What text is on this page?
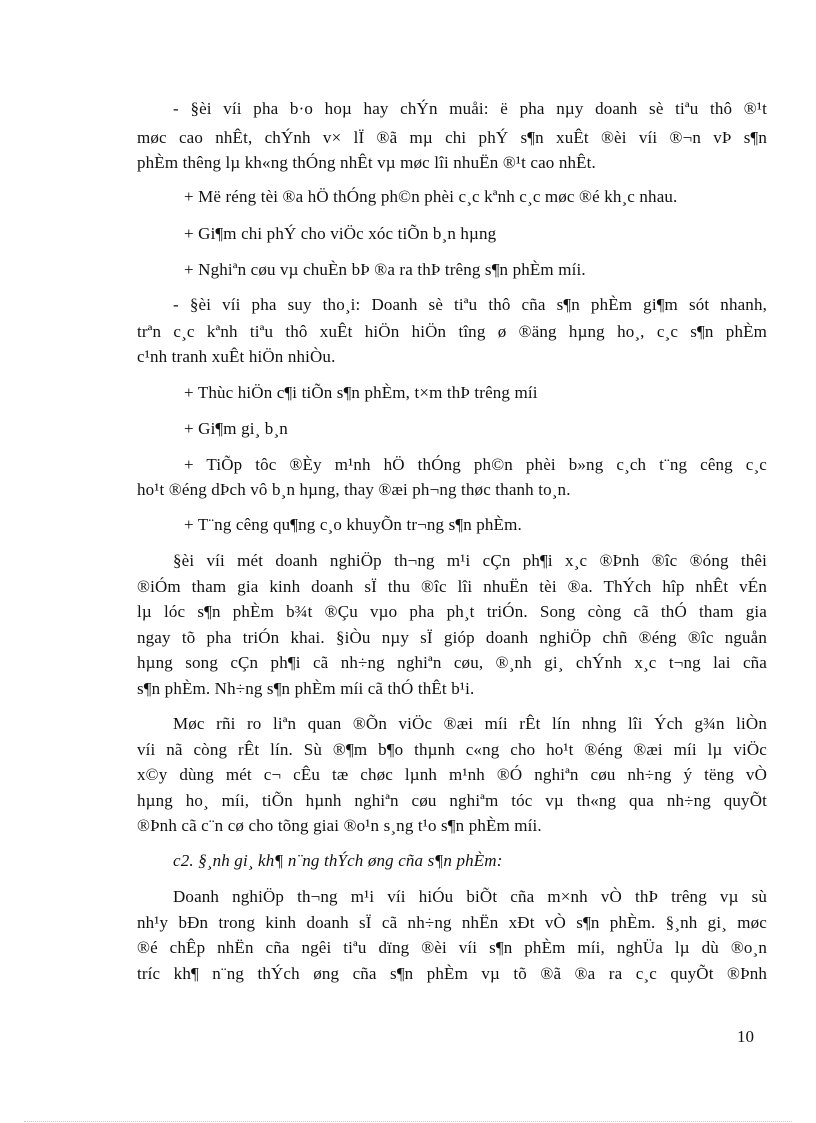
- §èi víi pha b·o hoµ hay chÝn muåi: ë pha nµy doanh sè tiªu thô ®¹t
møc cao nhÊt, chÝnh v× lÏ ®ã mµ chi phÝ s¶n xuÊt ®èi víi ®¬n vÞ s¶n
phÈm thêng lµ kh«ng thÓng nhÊt vµ møc lîi nhuËn ®¹t cao nhÊt.
+ Më réng tèi ®a hÖ thÓng ph©n phèi c¸c kªnh c¸c møc ®é kh¸c nhau.
+ Gi¶m chi phÝ cho viÖc xóc tiÕn b¸n hµng
+ Nghiªn cøu vµ chuÈn bÞ ®a ra thÞ trêng s¶n phÈm míi.
- §èi víi pha suy tho¸i: Doanh sè tiªu thô cña s¶n phÈm gi¶m sót nhanh,
trªn c¸c kªnh tiªu thô xuÊt hiÖn hiÖn tîng ø ®äng hµng ho¸, c¸c s¶n phÈm
c¹nh tranh xuÊt hiÖn nhiÒu.
+ Thùc hiÖn c¶i tiÕn s¶n phÈm, t×m thÞ trêng míi
+ Gi¶m gi¸ b¸n
+ TiÕp tôc ®Èy m¹nh hÖ thÓng ph©n phèi b»ng c¸ch t¨ng cêng c¸c
ho¹t ®éng dÞch vô b¸n hµng, thay ®æi ph¬ng thøc thanh to¸n.
+ T¨ng cêng qu¶ng c¸o khuyÕn tr¬ng s¶n phÈm.
§èi víi mét doanh nghiÖp th¬ng m¹i cÇn ph¶i x¸c ®Þnh ®îc ®óng thêi
®iÓm tham gia kinh doanh sÏ thu ®îc lîi nhuËn tèi ®a. ThÝch hîp nhÊt vÉn
lµ lóc s¶n phÈm b¾t ®Çu vµo pha ph¸t triÓn. Song còng cã thÓ tham gia
ngay tõ pha triÓn khai. §iÒu nµy sÏ gióp doanh nghiÖp chñ ®éng ®îc nguån
hµng song cÇn ph¶i cã nh÷ng nghiªn cøu, ®¸nh gi¸ chÝnh x¸c t¬ng lai cña
s¶n phÈm. Nh÷ng s¶n phÈm míi cã thÓ thÊt b¹i.
Møc rñi ro liªn quan ®Õn viÖc ®æi míi rÊt lín nhng lîi Ých g¾n liÒn
víi nã còng rÊt lín. Sù ®¶m b¶o thµnh c«ng cho ho¹t ®éng ®æi míi lµ viÖc
x©y dùng mét c¬ cÊu tæ chøc lµnh m¹nh ®Ó nghiªn cøu nh÷ng ý tëng vÒ
hµng ho¸ míi, tiÕn hµnh nghiªn cøu nghiªm tóc vµ th«ng qua nh÷ng quyÕt
®Þnh cã c¨n cø cho tõng giai ®o¹n s¸ng t¹o s¶n phÈm míi.
c2. §¸nh gi¸ kh¶ n¨ng thÝch øng cña s¶n phÈm:
Doanh nghiÖp th¬ng m¹i víi hiÓu biÕt cña m×nh vÒ thÞ trêng vµ sù
nh¹y bÐn trong kinh doanh sÏ cã nh÷ng nhËn xÐt vÒ s¶n phÈm. §¸nh gi¸ møc
®é chÊp nhËn cña ngêi tiªu dïng ®èi víi s¶n phÈm míi, nghÜa lµ dù ®o¸n
tríc kh¶ n¨ng thÝch øng cña s¶n phÈm vµ tõ ®ã ®a ra c¸c quyÕt ®Þnh
10
